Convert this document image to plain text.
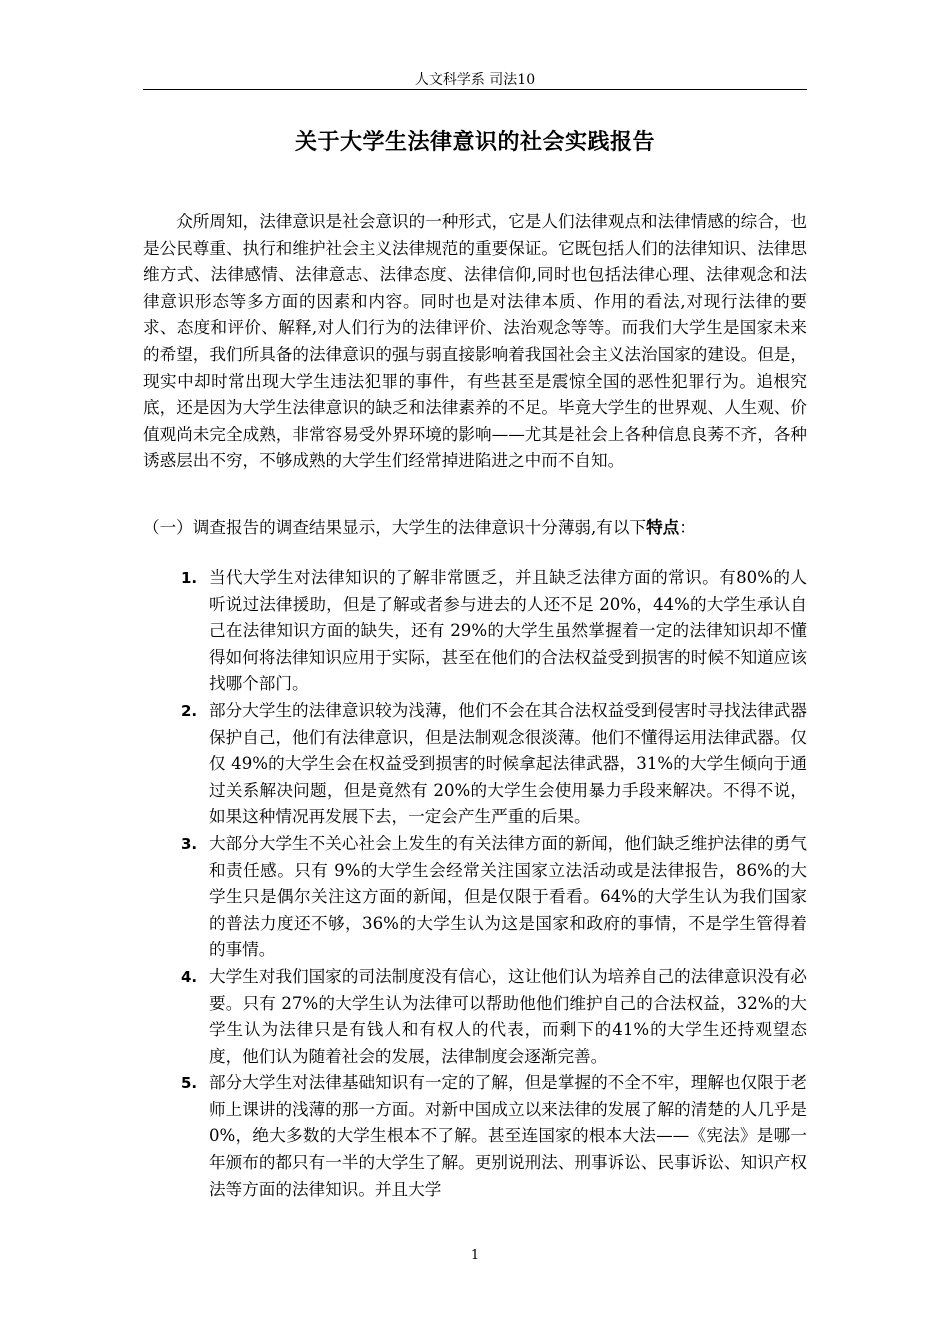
人文科学系 司法10
关于大学生法律意识的社会实践报告

众所周知，法律意识是社会意识的一种形式，它是人们法律观点和法律情感的综合，也是公民尊重、执行和维护社会主义法律规范的重要保证。它既包括人们的法律知识、法律思维方式、法律感情、法律意志、法律态度、法律信仰,同时也包括法律心理、法律观念和法律意识形态等多方面的因素和内容。同时也是对法律本质、作用的看法,对现行法律的要求、态度和评价、解释,对人们行为的法律评价、法治观念等等。而我们大学生是国家未来的希望，我们所具备的法律意识的强与弱直接影响着我国社会主义法治国家的建设。但是，现实中却时常出现大学生违法犯罪的事件，有些甚至是震惊全国的恶性犯罪行为。追根究底，还是因为大学生法律意识的缺乏和法律素养的不足。毕竟大学生的世界观、人生观、价值观尚未完全成熟，非常容易受外界环境的影响——尤其是社会上各种信息良莠不齐，各种诱惑层出不穷，不够成熟的大学生们经常掉进陷进之中而不自知。

（一）调查报告的调查结果显示，大学生的法律意识十分薄弱,有以下特点：

1. 当代大学生对法律知识的了解非常匮乏，并且缺乏法律方面的常识。有80%的人听说过法律援助，但是了解或者参与进去的人还不足 20%，44%的大学生承认自己在法律知识方面的缺失，还有 29%的大学生虽然掌握着一定的法律知识却不懂得如何将法律知识应用于实际，甚至在他们的合法权益受到损害的时候不知道应该找哪个部门。
2. 部分大学生的法律意识较为浅薄，他们不会在其合法权益受到侵害时寻找法律武器保护自己，他们有法律意识，但是法制观念很淡薄。他们不懂得运用法律武器。仅仅 49%的大学生会在权益受到损害的时候拿起法律武器，31%的大学生倾向于通过关系解决问题，但是竟然有 20%的大学生会使用暴力手段来解决。不得不说，如果这种情况再发展下去，一定会产生严重的后果。
3. 大部分大学生不关心社会上发生的有关法律方面的新闻，他们缺乏维护法律的勇气和责任感。只有 9%的大学生会经常关注国家立法活动或是法律报告，86%的大学生只是偶尔关注这方面的新闻，但是仅限于看看。64%的大学生认为我们国家的普法力度还不够，36%的大学生认为这是国家和政府的事情，不是学生管得着的事情。
4. 大学生对我们国家的司法制度没有信心，这让他们认为培养自己的法律意识没有必要。只有 27%的大学生认为法律可以帮助他他们维护自己的合法权益，32%的大学生认为法律只是有钱人和有权人的代表，而剩下的41%的大学生还持观望态度，他们认为随着社会的发展，法律制度会逐渐完善。
5. 部分大学生对法律基础知识有一定的了解，但是掌握的不全不牢，理解也仅限于老师上课讲的浅薄的那一方面。对新中国成立以来法律的发展了解的清楚的人几乎是 0%，绝大多数的大学生根本不了解。甚至连国家的根本大法——《宪法》是哪一年颁布的都只有一半的大学生了解。更别说刑法、刑事诉讼、民事诉讼、知识产权法等方面的法律知识。并且大学
1
